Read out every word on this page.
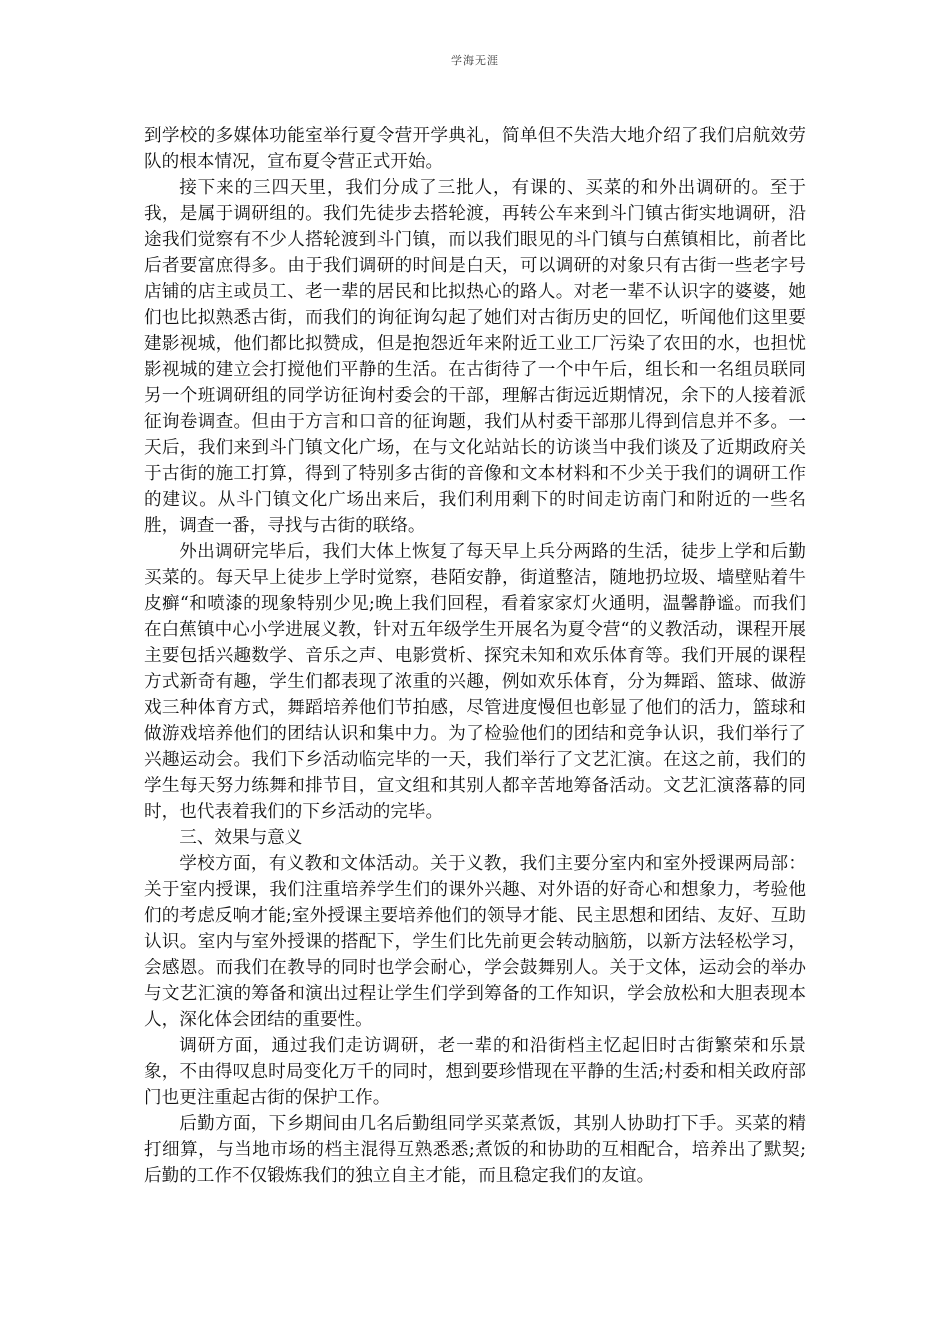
学海无涯

到学校的多媒体功能室举行夏令营开学典礼，简单但不失浩大地介绍了我们启航效劳队的根本情况，宣布夏令营正式开始。

接下来的三四天里，我们分成了三批人，有课的、买菜的和外出调研的。至于我，是属于调研组的。我们先徒步去搭轮渡，再转公车来到斗门镇古街实地调研，沿途我们觉察有不少人搭轮渡到斗门镇，而以我们眼见的斗门镇与白蕉镇相比，前者比后者要富庶得多。由于我们调研的时间是白天，可以调研的对象只有古街一些老字号店铺的店主或员工、老一辈的居民和比拟热心的路人。对老一辈不认识字的婆婆，她们也比拟熟悉古街，而我们的询征询勾起了她们对古街历史的回忆，听闻他们这里要建影视城，他们都比拟赞成，但是抱怨近年来附近工业工厂污染了农田的水，也担忧影视城的建立会打搅他们平静的生活。在古街待了一个中午后，组长和一名组员联同另一个班调研组的同学访征询村委会的干部，理解古街远近期情况，余下的人接着派征询卷调查。但由于方言和口音的征询题，我们从村委干部那儿得到信息并不多。一天后，我们来到斗门镇文化广场，在与文化站站长的访谈当中我们谈及了近期政府关于古街的施工打算，得到了特别多古街的音像和文本材料和不少关于我们的调研工作的建议。从斗门镇文化广场出来后，我们利用剩下的时间走访南门和附近的一些名胜，调查一番，寻找与古街的联络。

外出调研完毕后，我们大体上恢复了每天早上兵分两路的生活，徒步上学和后勤买菜的。每天早上徒步上学时觉察，巷陌安静，街道整洁，随地扔垃圾、墙壁贴着牛皮癣“和喷漆的现象特别少见;晚上我们回程，看着家家灯火通明，温馨静谧。而我们在白蕉镇中心小学进展义教，针对五年级学生开展名为夏令营“的义教活动，课程开展主要包括兴趣数学、音乐之声、电影赏析、探究未知和欢乐体育等。我们开展的课程方式新奇有趣，学生们都表现了浓重的兴趣，例如欢乐体育，分为舞蹈、篮球、做游戏三种体育方式，舞蹈培养他们节拍感，尽管进度慢但也彰显了他们的活力，篮球和做游戏培养他们的团结认识和集中力。为了检验他们的团结和竞争认识，我们举行了兴趣运动会。我们下乡活动临完毕的一天，我们举行了文艺汇演。在这之前，我们的学生每天努力练舞和排节目，宣文组和其别人都辛苦地筹备活动。文艺汇演落幕的同时，也代表着我们的下乡活动的完毕。

三、效果与意义

学校方面，有义教和文体活动。关于义教，我们主要分室内和室外授课两局部：关于室内授课，我们注重培养学生们的课外兴趣、对外语的好奇心和想象力，考验他们的考虑反响才能;室外授课主要培养他们的领导才能、民主思想和团结、友好、互助认识。室内与室外授课的搭配下，学生们比先前更会转动脑筋，以新方法轻松学习，会感恩。而我们在教导的同时也学会耐心，学会鼓舞别人。关于文体，运动会的举办与文艺汇演的筹备和演出过程让学生们学到筹备的工作知识，学会放松和大胆表现本人，深化体会团结的重要性。

调研方面，通过我们走访调研，老一辈的和沿街档主忆起旧时古街繁荣和乐景象，不由得叹息时局变化万千的同时，想到要珍惜现在平静的生活;村委和相关政府部门也更注重起古街的保护工作。

后勤方面，下乡期间由几名后勤组同学买菜煮饭，其别人协助打下手。买菜的精打细算，与当地市场的档主混得互熟悉悉;煮饭的和协助的互相配合，培养出了默契;后勤的工作不仅锻炼我们的独立自主才能，而且稳定我们的友谊。
